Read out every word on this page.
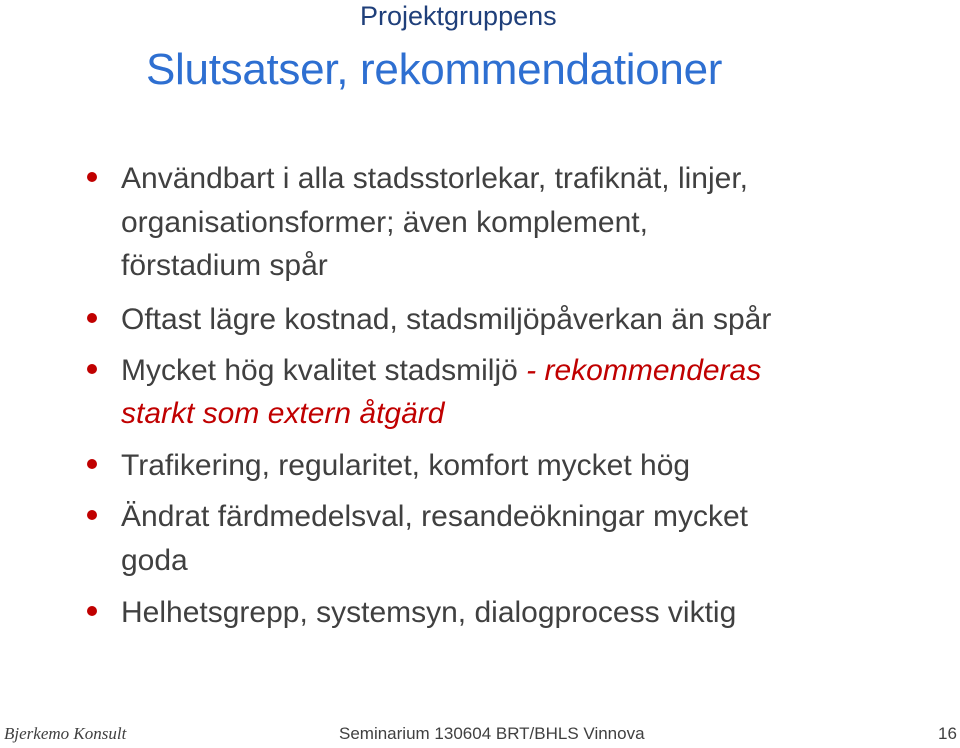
Projektgruppens
Slutsatser, rekommendationer
Användbart i alla stadsstorlekar, trafiknät, linjer,
organisationsformer; även komplement,
förstadium spår
Oftast lägre kostnad, stadsmiljöpåverkan än spår
Mycket hög kvalitet stadsmiljö - rekommenderas
starkt som extern åtgärd
Trafikering, regularitet, komfort mycket hög
Ändrat färdmedelsval, resandeökningar mycket
goda
Helhetsgrepp, systemsyn, dialogprocess viktig
Bjerkemo Konsult	Seminarium 130604 BRT/BHLS Vinnova	16
